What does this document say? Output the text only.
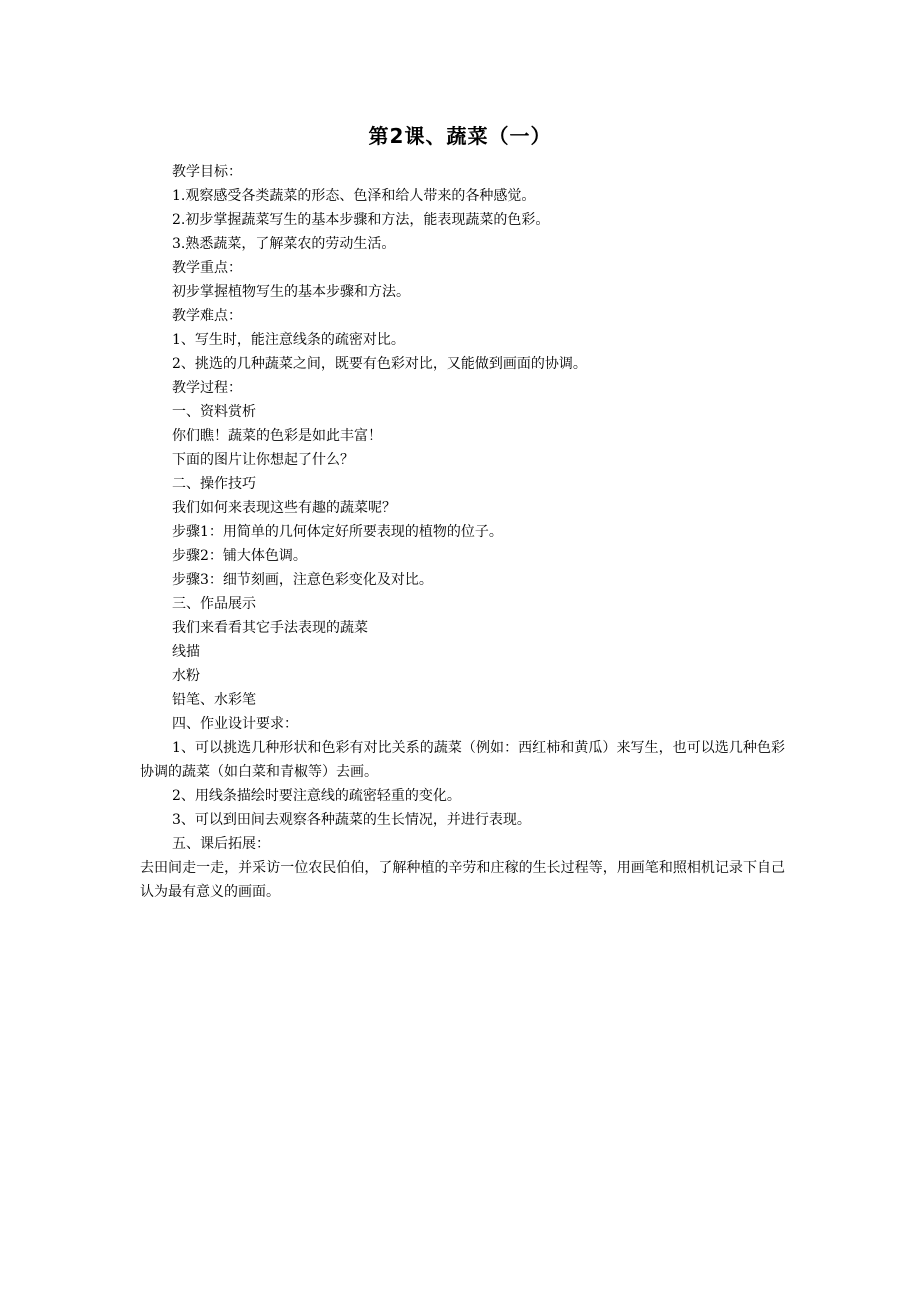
第2课、蔬菜（一）

教学目标：

1.观察感受各类蔬菜的形态、色泽和给人带来的各种感觉。

2.初步掌握蔬菜写生的基本步骤和方法，能表现蔬菜的色彩。

3.熟悉蔬菜，了解菜农的劳动生活。

教学重点：

初步掌握植物写生的基本步骤和方法。

教学难点：

1、写生时，能注意线条的疏密对比。

2、挑选的几种蔬菜之间，既要有色彩对比，又能做到画面的协调。

教学过程：

一、资料赏析

你们瞧！蔬菜的色彩是如此丰富！

下面的图片让你想起了什么？

二、操作技巧

我们如何来表现这些有趣的蔬菜呢？

步骤1：用简单的几何体定好所要表现的植物的位子。

步骤2：铺大体色调。

步骤3：细节刻画，注意色彩变化及对比。

三、作品展示

我们来看看其它手法表现的蔬菜

线描

水粉

铅笔、水彩笔

四、作业设计要求：

1、可以挑选几种形状和色彩有对比关系的蔬菜（例如：西红柿和黄瓜）来写生，也可以选几种色彩协调的蔬菜（如白菜和青椒等）去画。

2、用线条描绘时要注意线的疏密轻重的变化。

3、可以到田间去观察各种蔬菜的生长情况，并进行表现。

五、课后拓展：

去田间走一走，并采访一位农民伯伯，了解种植的辛劳和庄稼的生长过程等，用画笔和照相机记录下自己认为最有意义的画面。
